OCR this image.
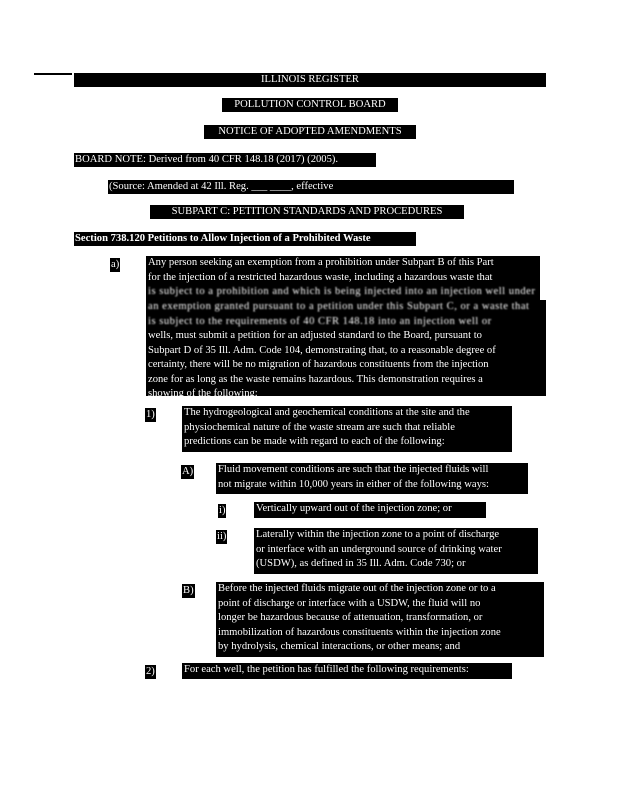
ILLINOIS REGISTER
POLLUTION CONTROL BOARD
NOTICE OF ADOPTED AMENDMENTS
BOARD NOTE: Derived from 40 CFR 148.18 (2017) (2005).
(Source: Amended at 42 Ill. Reg. ___ ____, effective
SUBPART C: PETITION STANDARDS AND PROCEDURES
Section 738.120 Petitions to Allow Injection of a Prohibited Waste
a)	Any person seeking an exemption from a prohibition under Subpart B of this Part

for the injection of a restricted hazardous waste, including a hazardous waste that

is subject to a prohibition and which is being injected into an injection well under

an exemption granted pursuant to a petition under this Subpart C, or a waste that

is subject to the requirements of 40 CFR 148.18 into an injection well or

wells, must submit a petition for an adjusted standard to the Board, pursuant to

Subpart D of 35 Ill. Adm. Code 104, demonstrating that, to a reasonable degree of

certainty, there will be no migration of hazardous constituents from the injection

zone for as long as the waste remains hazardous. This demonstration requires a

showing of the following:

1)	The hydrogeological and geochemical conditions at the site and the

physiochemical nature of the waste stream are such that reliable

predictions can be made with regard to each of the following:

A) Fluid movement conditions are such that the injected fluids will

not migrate within 10,000 years in either of the following ways:

i)	Vertically upward out of the injection zone; or

ii)	Laterally within the injection zone to a point of discharge

or interface with an underground source of drinking water

(USDW), as defined in 35 Ill. Adm. Code 730; or

B) Before the injected fluids migrate out of the injection zone or to a

point of discharge or interface with a USDW, the fluid will no

longer be hazardous because of attenuation, transformation, or

immobilization of hazardous constituents within the injection zone

by hydrolysis, chemical interactions, or other means; and

2)	For each well, the petition has fulfilled the following requirements:
